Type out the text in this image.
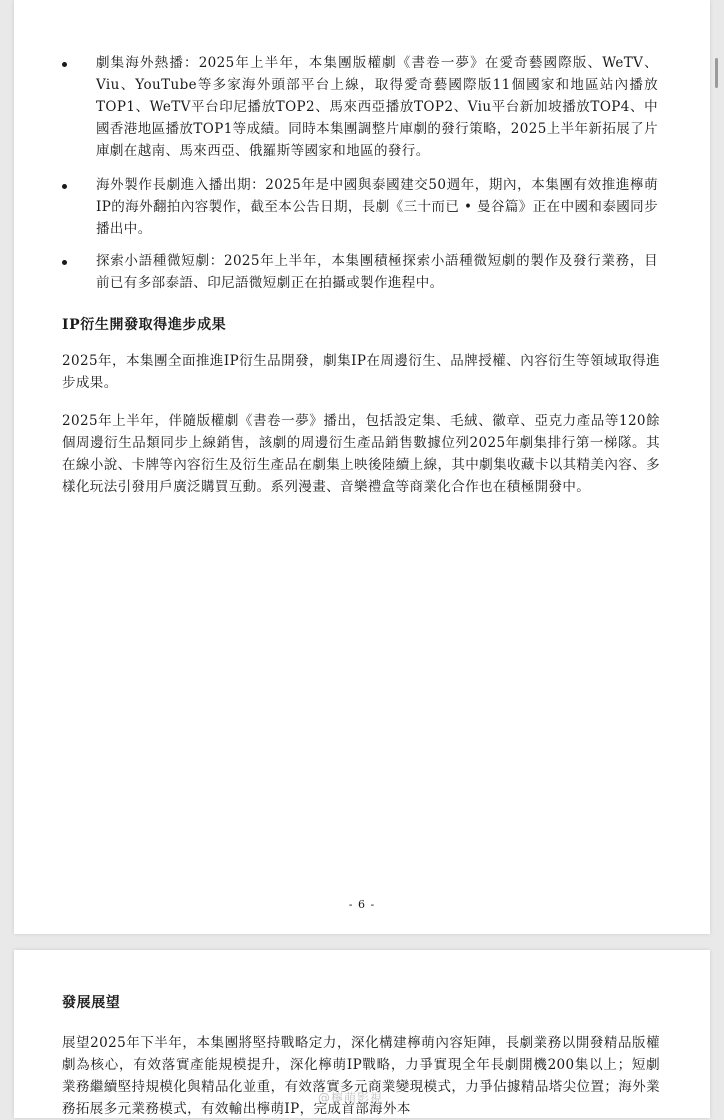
劇集海外熱播：2025年上半年，本集團版權劇《書卷一夢》在愛奇藝國際版、WeTV、Viu、YouTube等多家海外頭部平台上線，取得愛奇藝國際版11個國家和地區站內播放TOP1、WeTV平台印尼播放TOP2、馬來西亞播放TOP2、Viu平台新加坡播放TOP4、中國香港地區播放TOP1等成績。同時本集團調整片庫劇的發行策略，2025上半年新拓展了片庫劇在越南、馬來西亞、俄羅斯等國家和地區的發行。
海外製作長劇進入播出期：2025年是中國與泰國建交50週年，期內，本集團有效推進檸萌IP的海外翻拍內容製作，截至本公告日期，長劇《三十而已 • 曼谷篇》正在中國和泰國同步播出中。
探索小語種微短劇：2025年上半年，本集團積極探索小語種微短劇的製作及發行業務，目前已有多部泰語、印尼語微短劇正在拍攝或製作進程中。
IP衍生開發取得進步成果
2025年，本集團全面推進IP衍生品開發，劇集IP在周邊衍生、品牌授權、內容衍生等領域取得進步成果。
2025年上半年，伴隨版權劇《書卷一夢》播出，包括設定集、毛絨、徽章、亞克力產品等120餘個周邊衍生品類同步上線銷售，該劇的周邊衍生產品銷售數據位列2025年劇集排行第一梯隊。其在線小說、卡牌等內容衍生及衍生產品在劇集上映後陸續上線，其中劇集收藏卡以其精美內容、多樣化玩法引發用戶廣泛購買互動。系列漫畫、音樂禮盒等商業化合作也在積極開發中。
- 6 -
發展展望
展望2025年下半年，本集團將堅持戰略定力，深化構建檸萌內容矩陣，長劇業務以開發精品版權劇為核心，有效落實產能規模提升，深化檸萌IP戰略，力爭實現全年長劇開機200集以上；短劇業務繼續堅持規模化與精品化並重，有效落實多元商業變現模式，力爭佔據精品塔尖位置；海外業務拓展多元業務模式，有效輸出檸萌IP，完成首部海外本
@檸萌影視
